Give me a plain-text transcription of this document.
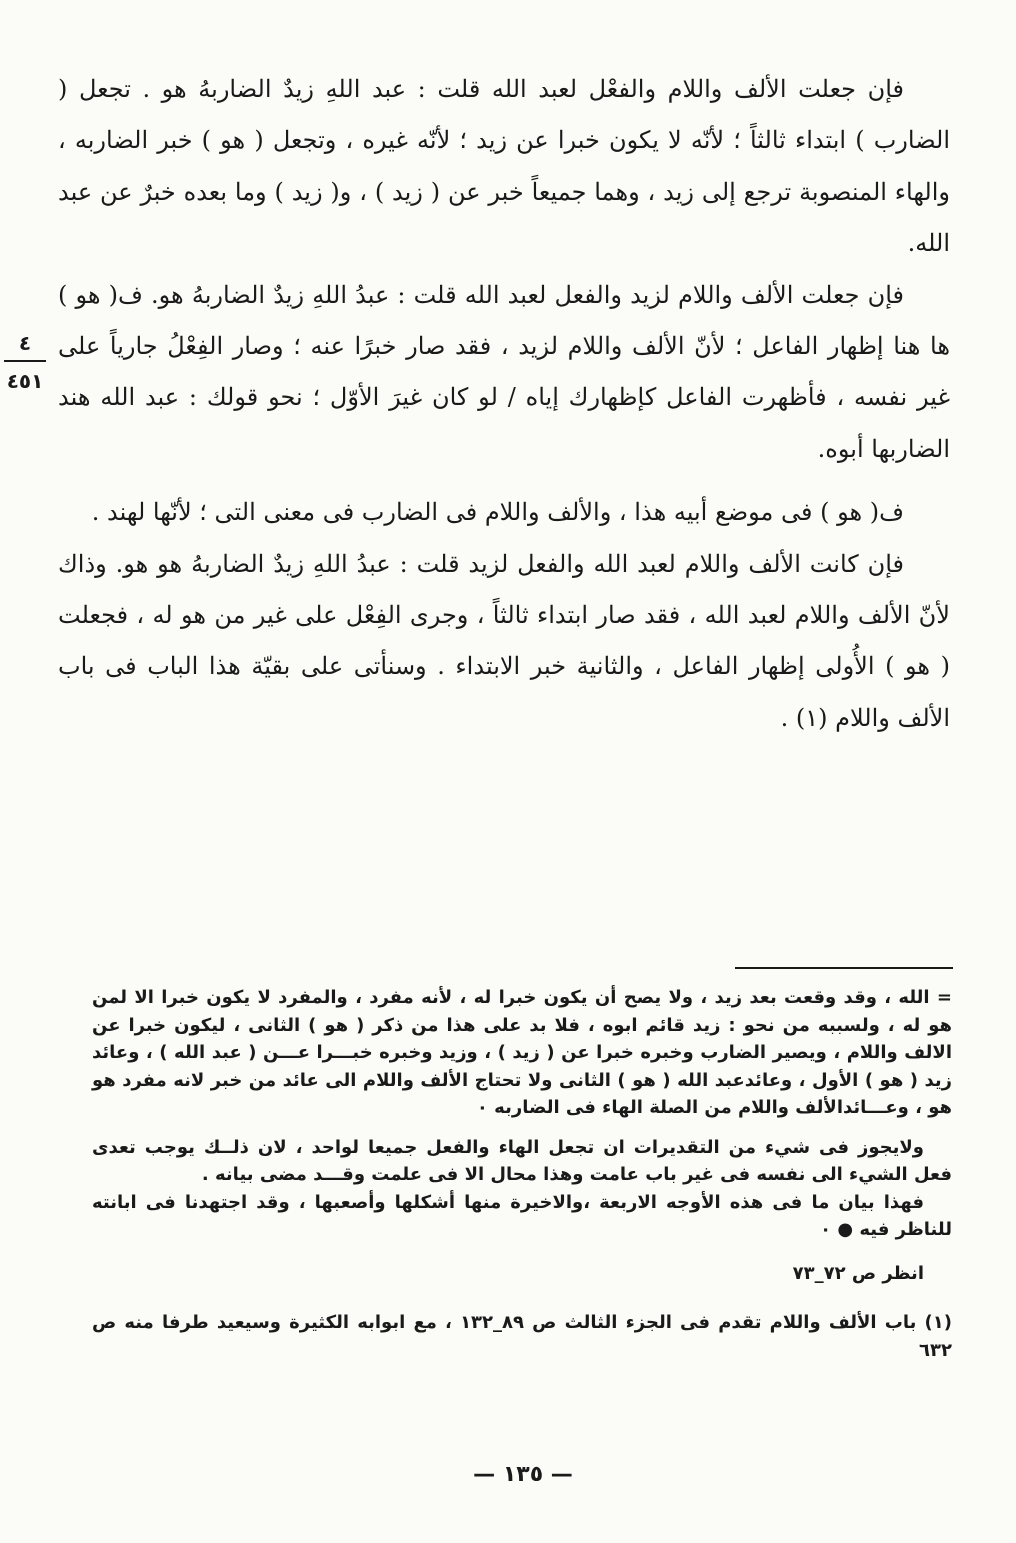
فإن جعلت الألف واللام والفعْل لعبد الله قلت : عبد اللهِ زيدٌ الضاربهُ هو . تجعل ( الضارب ) ابتداء ثالثاً ؛ لأنّه لا يكون خبرا عن زيد ؛ لأنّه غيره ، وتجعل ( هو ) خبر الضاربه ، والهاء المنصوبة ترجع إلى زيد ، وهما جميعاً خبر عن ( زيد ) ، و( زيد ) وما بعده خبرٌ عن عبد الله.

فإن جعلت الألف واللام لزيد والفعل لعبد الله قلت : عبدُ اللهِ زيدٌ الضاربهُ هو. ف( هو ) ها هنا إظهار الفاعل ؛ لأنّ الألف واللام لزيد ، فقد صار خبرًا عنه ؛ وصار الفِعْلُ جارياً على غير نفسه ، فأظهرت الفاعل كإظهارك إياه / لو كان غيرَ الأوّل ؛ نحو قولك : عبد الله هند الضاربها أبوه.

ف( هو ) فى موضع أبيه هذا ، والألف واللام فى الضارب فى معنى التى ؛ لأنّها لهند .

فإن كانت الألف واللام لعبد الله والفعل لزيد قلت : عبدُ اللهِ زيدٌ الضاربهُ هو هو. وذاك لأنّ الألف واللام لعبد الله ، فقد صار ابتداء ثالثاً ، وجرى الفِعْل على غير من هو له ، فجعلت ( هو ) الأُولى إظهار الفاعل ، والثانية خبر الابتداء . وسنأتى على بقيّة هذا الباب فى باب الألف واللام (١) .

٤
٤٥١

= الله ، وقد وقعت بعد زيد ، ولا يصح أن يكون خبرا له ، لأنه مفرد ، والمفرد لا يكون خبرا الا لمن هو له ، ولسببه من نحو : زيد قائم ابوه ، فلا بد على هذا من ذكر ( هو ) الثانى ، ليكون خبرا عن الالف واللام ، ويصير الضارب وخبره خبرا عن ( زيد ) ، وزيد وخبره خبـــرا عـــن ( عبد الله ) ، وعائد زيد ( هو ) الأول ، وعائدعبد الله ( هو ) الثانى ولا تحتاج الألف واللام الى عائد من خبر لانه مفرد هو هو ، وعـــائدالألف واللام من الصلة الهاء فى الضاربه ٠

ولايجوز فى شيء من التقديرات ان تجعل الهاء والفعل جميعا لواحد ، لان ذلــك يوجب تعدى فعل الشيء الى نفسه فى غير باب عامت وهذا محال الا فى علمت وقـــد مضى بيانه .

فهذا بيان ما فى هذه الأوجه الاربعة ،والاخيرة منها أشكلها وأصعبها ، وقد اجتهدنا فى ابانته للناظر فيه ● ٠

انظر ص ٧٢_٧٣

(١) باب الألف واللام تقدم فى الجزء الثالث ص ٨٩_١٣٢ ، مع ابوابه الكثيرة وسيعيد طرفا منه ص ٦٣٢

— ١٣٥ —
